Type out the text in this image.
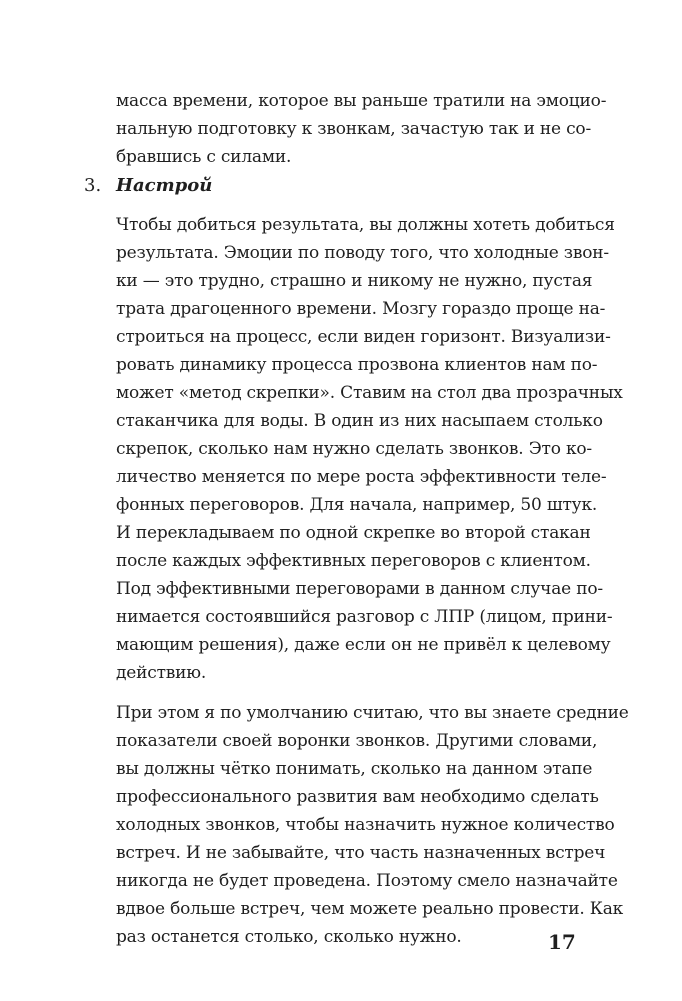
масса времени, которое вы раньше тратили на эмоцио-
нальную подготовку к звонкам, зачастую так и не со-
бравшись с силами.
3. Настрой
Чтобы добиться результата, вы должны хотеть добиться
результата. Эмоции по поводу того, что холодные звон-
ки — это трудно, страшно и никому не нужно, пустая
трата драгоценного времени. Мозгу гораздо проще на-
строиться на процесс, если виден горизонт. Визуализи-
ровать динамику процесса прозвона клиентов нам по-
может «метод скрепки». Ставим на стол два прозрачных
стаканчика для воды. В один из них насыпаем столько
скрепок, сколько нам нужно сделать звонков. Это ко-
личество меняется по мере роста эффективности теле-
фонных переговоров. Для начала, например, 50 штук.
И перекладываем по одной скрепке во второй стакан
после каждых эффективных переговоров с клиентом.
Под эффективными переговорами в данном случае по-
нимается состоявшийся разговор с ЛПР (лицом, прини-
мающим решения), даже если он не привёл к целевому
действию.
При этом я по умолчанию считаю, что вы знаете средние
показатели своей воронки звонков. Другими словами,
вы должны чётко понимать, сколько на данном этапе
профессионального развития вам необходимо сделать
холодных звонков, чтобы назначить нужное количество
встреч. И не забывайте, что часть назначенных встреч
никогда не будет проведена. Поэтому смело назначайте
вдвое больше встреч, чем можете реально провести. Как
раз останется столько, сколько нужно.	17
